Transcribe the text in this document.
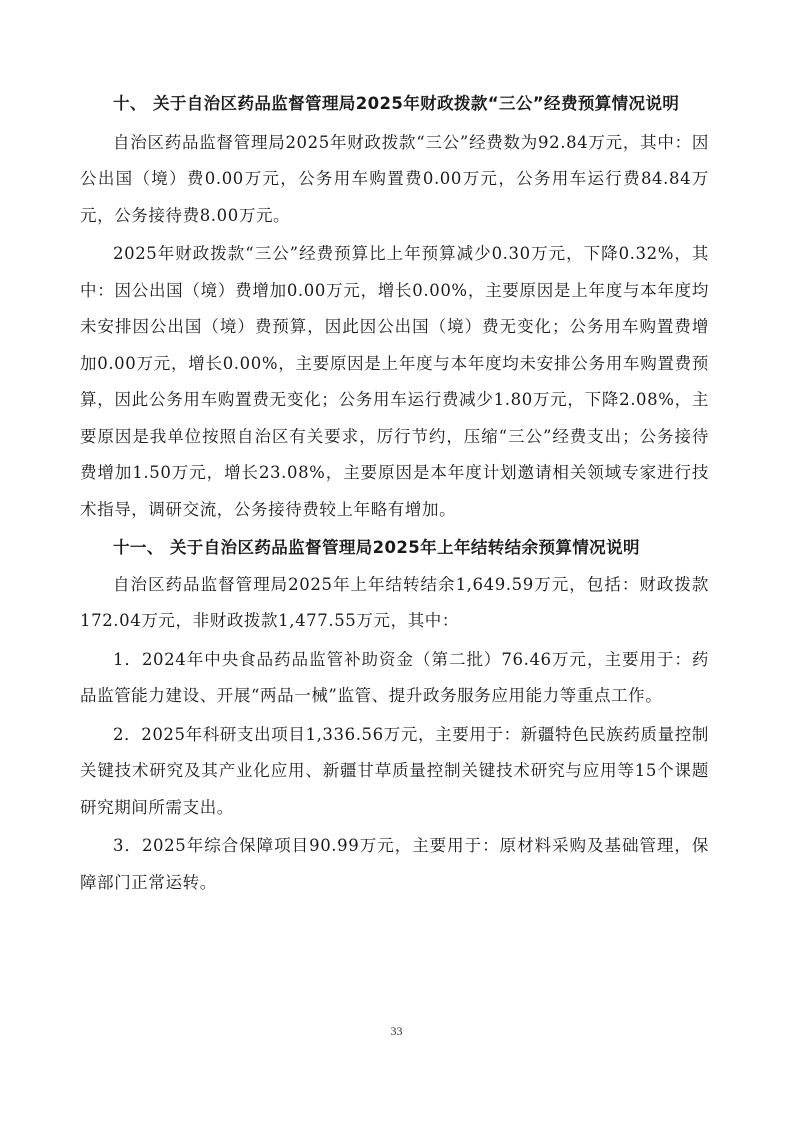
十、 关于自治区药品监督管理局2025年财政拨款“三公”经费预算情况说明

自治区药品监督管理局2025年财政拨款“三公”经费数为92.84万元，其中：因公出国（境）费0.00万元，公务用车购置费0.00万元，公务用车运行费84.84万元，公务接待费8.00万元。

2025年财政拨款“三公”经费预算比上年预算减少0.30万元，下降0.32%，其中：因公出国（境）费增加0.00万元，增长0.00%，主要原因是上年度与本年度均未安排因公出国（境）费预算，因此因公出国（境）费无变化；公务用车购置费增加0.00万元，增长0.00%，主要原因是上年度与本年度均未安排公务用车购置费预算，因此公务用车购置费无变化；公务用车运行费减少1.80万元，下降2.08%，主要原因是我单位按照自治区有关要求，厉行节约，压缩“三公”经费支出；公务接待费增加1.50万元，增长23.08%，主要原因是本年度计划邀请相关领域专家进行技术指导，调研交流，公务接待费较上年略有增加。

十一、 关于自治区药品监督管理局2025年上年结转结余预算情况说明

自治区药品监督管理局2025年上年结转结余1,649.59万元，包括：财政拨款172.04万元，非财政拨款1,477.55万元，其中：

1．2024年中央食品药品监管补助资金（第二批）76.46万元，主要用于：药品监管能力建设、开展“两品一械”监管、提升政务服务应用能力等重点工作。

2．2025年科研支出项目1,336.56万元，主要用于：新疆特色民族药质量控制关键技术研究及其产业化应用、新疆甘草质量控制关键技术研究与应用等15个课题研究期间所需支出。

3．2025年综合保障项目90.99万元，主要用于：原材料采购及基础管理，保障部门正常运转。

33
